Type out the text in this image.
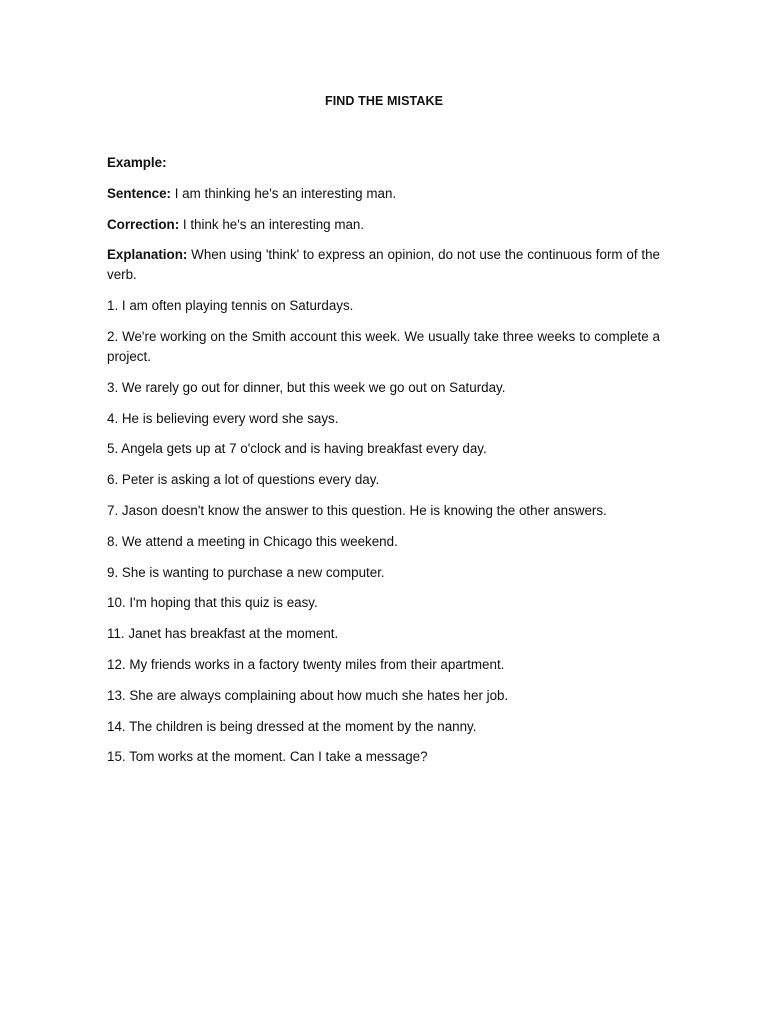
FIND THE MISTAKE

Example:

Sentence: I am thinking he's an interesting man.

Correction: I think he's an interesting man.

Explanation: When using 'think' to express an opinion, do not use the continuous form of the verb.

1. I am often playing tennis on Saturdays.

2. We're working on the Smith account this week. We usually take three weeks to complete a project.

3. We rarely go out for dinner, but this week we go out on Saturday.

4. He is believing every word she says.

5. Angela gets up at 7 o'clock and is having breakfast every day.

6. Peter is asking a lot of questions every day.

7. Jason doesn't know the answer to this question. He is knowing the other answers.

8. We attend a meeting in Chicago this weekend.

9. She is wanting to purchase a new computer.

10. I'm hoping that this quiz is easy.

11. Janet has breakfast at the moment.

12. My friends works in a factory twenty miles from their apartment.

13. She are always complaining about how much she hates her job.

14. The children is being dressed at the moment by the nanny.

15. Tom works at the moment. Can I take a message?
